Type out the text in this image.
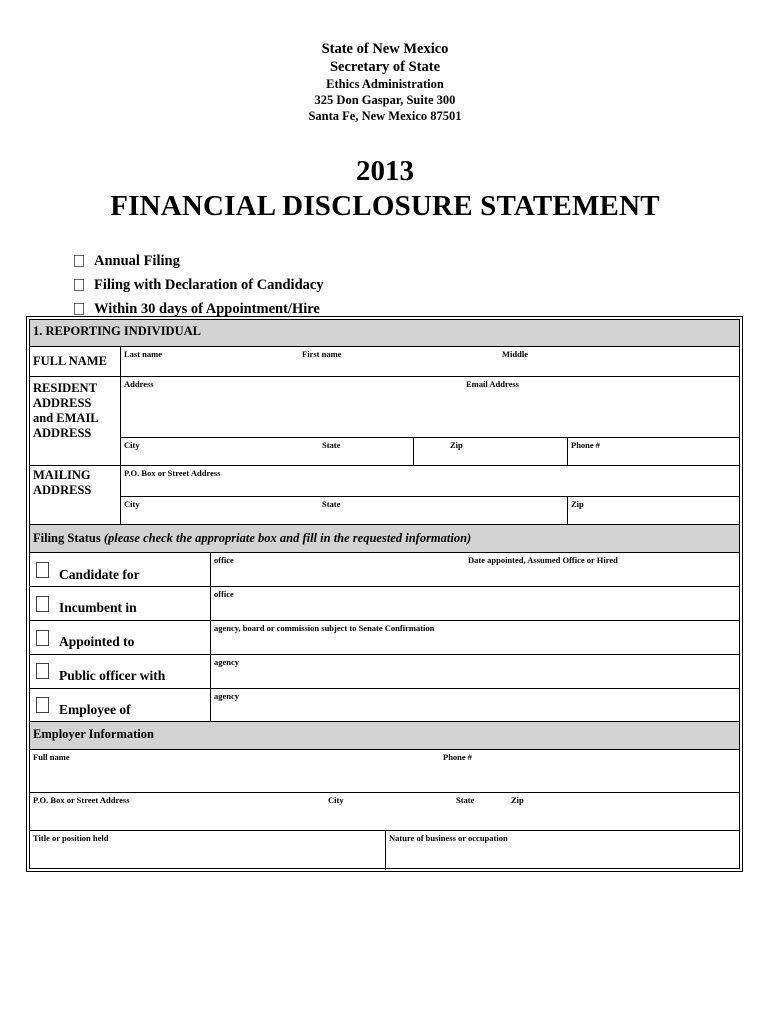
State of New Mexico
Secretary of State
Ethics Administration
325 Don Gaspar, Suite 300
Santa Fe, New Mexico 87501
2013
FINANCIAL DISCLOSURE STATEMENT
Annual Filing
Filing with Declaration of Candidacy
Within 30 days of Appointment/Hire
1. REPORTING INDIVIDUAL
FULL NAME Last name	First name	Middle
RESIDENT
ADDRESS
and EMAIL
ADDRESS
Address	Email Address
City	State	Zip	Phone #
MAILING
ADDRESS
P.O. Box or Street Address
City	State	Zip
Filing Status (please check the appropriate box and fill in the requested information)
Candidate for
office	Date appointed, Assumed Office or Hired
Incumbent in
office
Appointed to
agency, board or commission subject to Senate Confirmation
Public officer with
agency
Employee of
agency
Employer Information
Full name	Phone #
P.O. Box or Street Address	City	State	Zip
Title or position held	Nature of business or occupation
